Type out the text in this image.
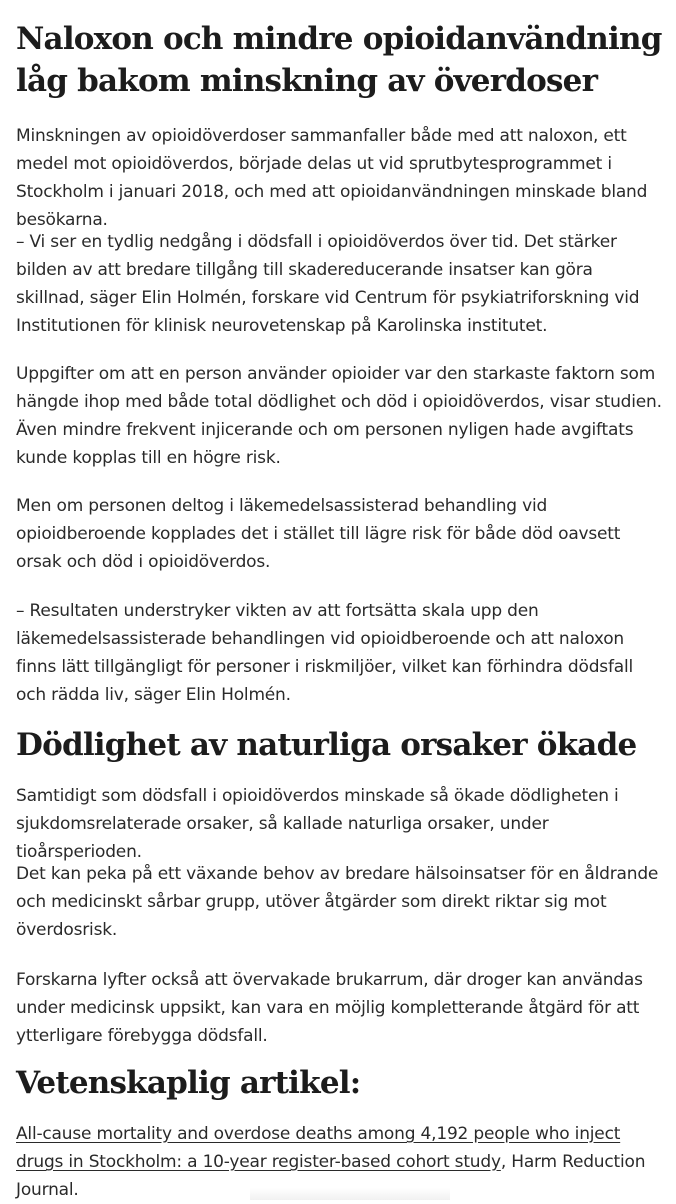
Naloxon och mindre opioidanvändning låg bakom minskning av överdoser

Minskningen av opioidöverdoser sammanfaller både med att naloxon, ett medel mot opioidöverdos, började delas ut vid sprutbytesprogrammet i Stockholm i januari 2018, och med att opioidanvändningen minskade bland besökarna.

– Vi ser en tydlig nedgång i dödsfall i opioidöverdos över tid. Det stärker bilden av att bredare tillgång till skadereducerande insatser kan göra skillnad, säger Elin Holmén, forskare vid Centrum för psykiatriforskning vid Institutionen för klinisk neurovetenskap på Karolinska institutet.

Uppgifter om att en person använder opioider var den starkaste faktorn som hängde ihop med både total dödlighet och död i opioidöverdos, visar studien. Även mindre frekvent injicerande och om personen nyligen hade avgiftats kunde kopplas till en högre risk.

Men om personen deltog i läkemedelsassisterad behandling vid opioidberoende kopplades det i stället till lägre risk för både död oavsett orsak och död i opioidöverdos.

– Resultaten understryker vikten av att fortsätta skala upp den läkemedelsassisterade behandlingen vid opioidberoende och att naloxon finns lätt tillgängligt för personer i riskmiljöer, vilket kan förhindra dödsfall och rädda liv, säger Elin Holmén.

Dödlighet av naturliga orsaker ökade

Samtidigt som dödsfall i opioidöverdos minskade så ökade dödligheten i sjukdomsrelaterade orsaker, så kallade naturliga orsaker, under tioårsperioden.

Det kan peka på ett växande behov av bredare hälsoinsatser för en åldrande och medicinskt sårbar grupp, utöver åtgärder som direkt riktar sig mot överdosrisk.

Forskarna lyfter också att övervakade brukarrum, där droger kan användas under medicinsk uppsikt, kan vara en möjlig kompletterande åtgärd för att ytterligare förebygga dödsfall.

Vetenskaplig artikel:

All-cause mortality and overdose deaths among 4,192 people who inject drugs in Stockholm: a 10-year register-based cohort study, Harm Reduction Journal.
